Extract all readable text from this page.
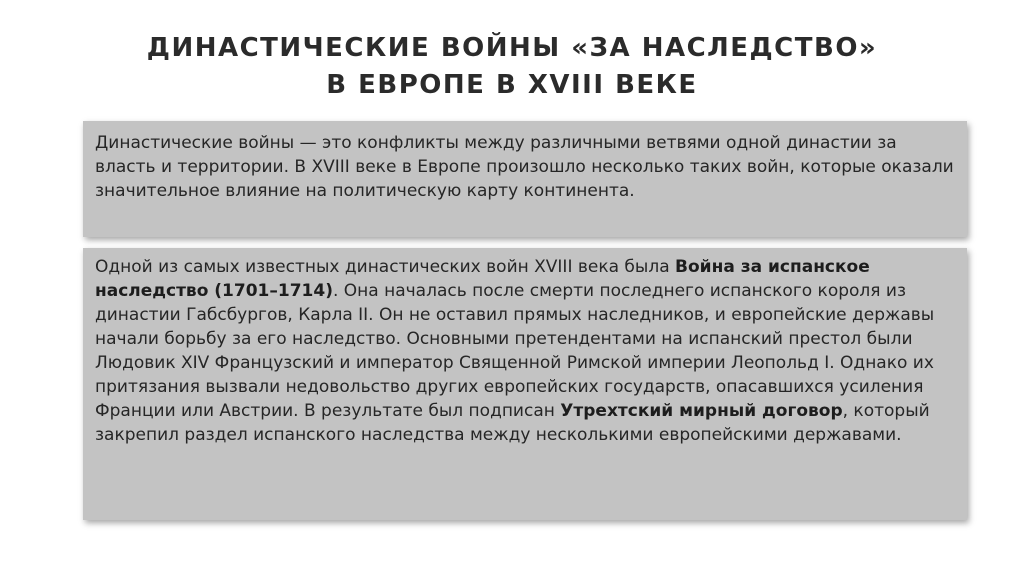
ДИНАСТИЧЕСКИЕ ВОЙНЫ «ЗА НАСЛЕДСТВО»
В ЕВРОПЕ В XVIII ВЕКЕ

Династические войны — это конфликты между различными ветвями одной династии за власть и территории. В XVIII веке в Европе произошло несколько таких войн, которые оказали значительное влияние на политическую карту континента.

Одной из самых известных династических войн XVIII века была Война за испанское наследство (1701–1714). Она началась после смерти последнего испанского короля из династии Габсбургов, Карла II. Он не оставил прямых наследников, и европейские державы начали борьбу за его наследство. Основными претендентами на испанский престол были Людовик XIV Французский и император Священной Римской империи Леопольд I. Однако их притязания вызвали недовольство других европейских государств, опасавшихся усиления Франции или Австрии. В результате был подписан Утрехтский мирный договор, который закрепил раздел испанского наследства между несколькими европейскими державами.
